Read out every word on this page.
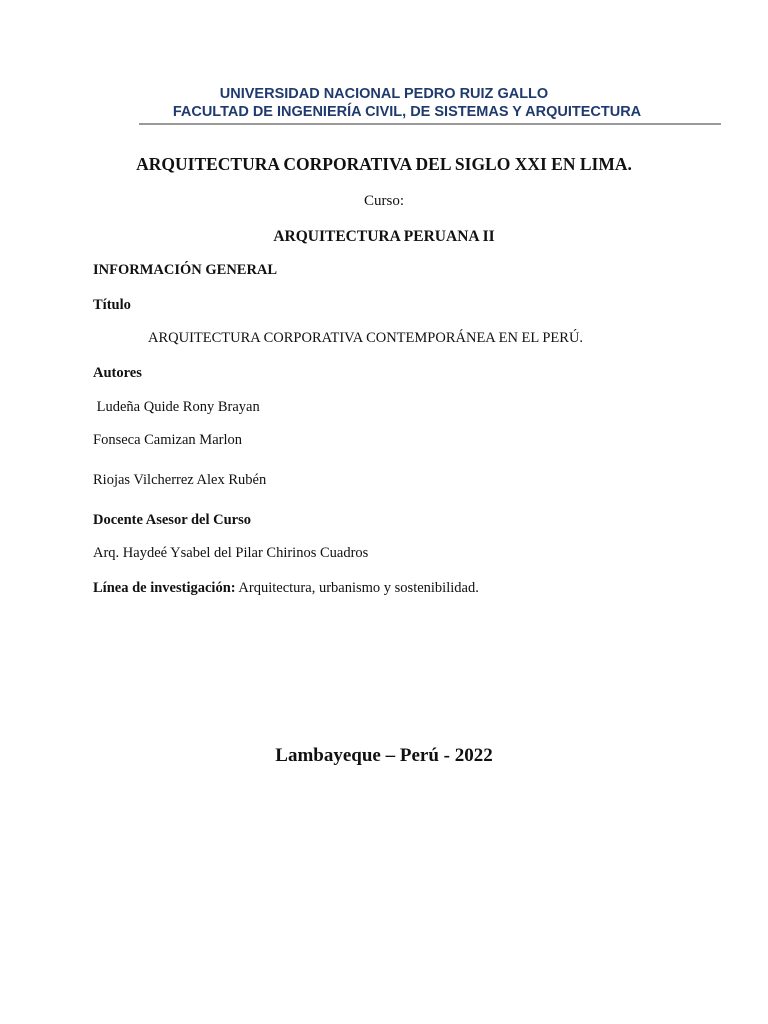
UNIVERSIDAD NACIONAL PEDRO RUIZ GALLO
FACULTAD DE INGENIERÍA CIVIL, DE SISTEMAS Y ARQUITECTURA
ARQUITECTURA CORPORATIVA DEL SIGLO XXI EN LIMA.
Curso:
ARQUITECTURA PERUANA II
INFORMACIÓN GENERAL
Título
ARQUITECTURA CORPORATIVA CONTEMPORÁNEA EN EL PERÚ.
Autores
Ludeña Quide Rony Brayan
Fonseca Camizan Marlon
Riojas Vilcherrez Alex Rubén
Docente Asesor del Curso
Arq. Haydeé Ysabel del Pilar Chirinos Cuadros
Línea de investigación: Arquitectura, urbanismo y sostenibilidad.
Lambayeque – Perú - 2022
